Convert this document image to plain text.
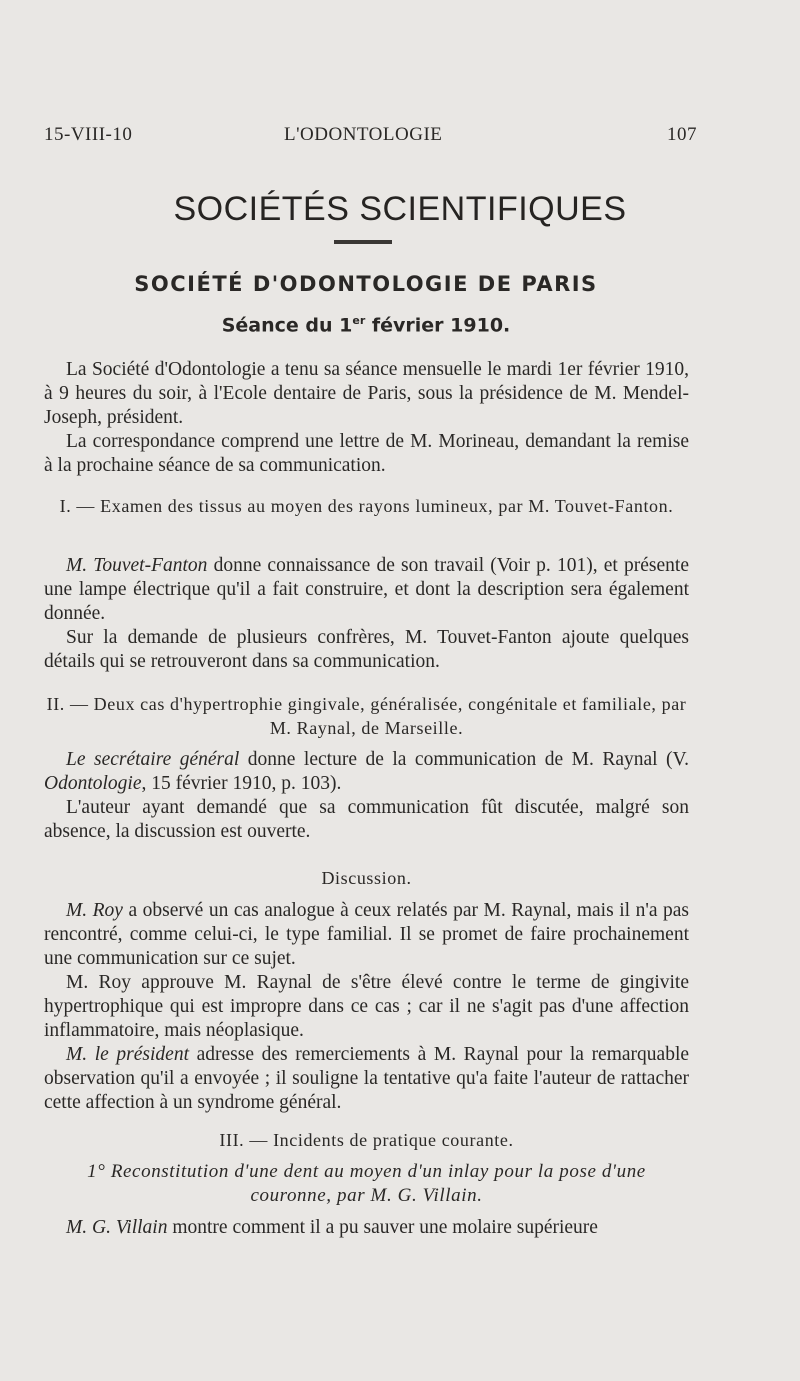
15-VIII-10	L'ODONTOLOGIE	107
SOCIÉTÉS SCIENTIFIQUES
SOCIÉTÉ D'ODONTOLOGIE DE PARIS
Séance du 1er février 1910.

La Société d'Odontologie a tenu sa séance mensuelle le mardi 1er février 1910, à 9 heures du soir, à l'Ecole dentaire de Paris, sous la présidence de M. Mendel-Joseph, président.

La correspondance comprend une lettre de M. Morineau, demandant la remise à la prochaine séance de sa communication.

I. — Examen des tissus au moyen des rayons lumineux, par M. Touvet-Fanton.

M. Touvet-Fanton donne connaissance de son travail (Voir p. 101), et présente une lampe électrique qu'il a fait construire, et dont la description sera également donnée.

Sur la demande de plusieurs confrères, M. Touvet-Fanton ajoute quelques détails qui se retrouveront dans sa communication.

II. — Deux cas d'hypertrophie gingivale, généralisée, congénitale et familiale, par M. Raynal, de Marseille.

Le secrétaire général donne lecture de la communication de M. Raynal (V. Odontologie, 15 février 1910, p. 103).

L'auteur ayant demandé que sa communication fût discutée, malgré son absence, la discussion est ouverte.

Discussion.

M. Roy a observé un cas analogue à ceux relatés par M. Raynal, mais il n'a pas rencontré, comme celui-ci, le type familial. Il se promet de faire prochainement une communication sur ce sujet.

M. Roy approuve M. Raynal de s'être élevé contre le terme de gingivite hypertrophique qui est impropre dans ce cas ; car il ne s'agit pas d'une affection inflammatoire, mais néoplasique.

M. le président adresse des remerciements à M. Raynal pour la remarquable observation qu'il a envoyée ; il souligne la tentative qu'a faite l'auteur de rattacher cette affection à un syndrome général.

III. — Incidents de pratique courante.

1° Reconstitution d'une dent au moyen d'un inlay pour la pose d'une couronne, par M. G. Villain.

M. G. Villain montre comment il a pu sauver une molaire supérieure
